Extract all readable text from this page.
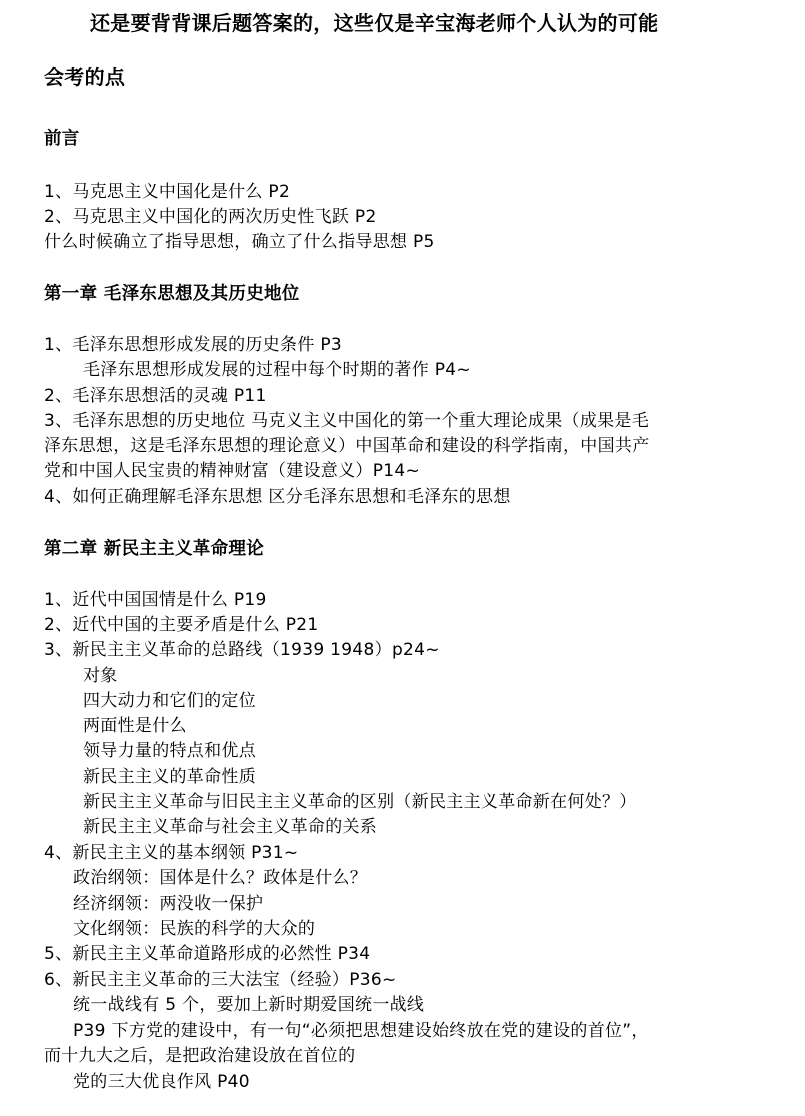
还是要背背课后题答案的，这些仅是辛宝海老师个人认为的可能
会考的点
前言
1、马克思主义中国化是什么 P2
2、马克思主义中国化的两次历史性飞跃 P2
什么时候确立了指导思想，确立了什么指导思想 P5
第一章 毛泽东思想及其历史地位
1、毛泽东思想形成发展的历史条件 P3
毛泽东思想形成发展的过程中每个时期的著作 P4~
2、毛泽东思想活的灵魂 P11
3、毛泽东思想的历史地位 马克义主义中国化的第一个重大理论成果（成果是毛
泽东思想，这是毛泽东思想的理论意义）中国革命和建设的科学指南，中国共产
党和中国人民宝贵的精神财富（建设意义）P14~
4、如何正确理解毛泽东思想 区分毛泽东思想和毛泽东的思想
第二章 新民主主义革命理论
1、近代中国国情是什么 P19
2、近代中国的主要矛盾是什么 P21
3、新民主主义革命的总路线（1939 1948）p24~
对象
四大动力和它们的定位
两面性是什么
领导力量的特点和优点
新民主主义的革命性质
新民主主义革命与旧民主主义革命的区别（新民主主义革命新在何处？）
新民主主义革命与社会主义革命的关系
4、新民主主义的基本纲领 P31~
政治纲领：国体是什么？政体是什么？
经济纲领：两没收一保护
文化纲领：民族的科学的大众的
5、新民主主义革命道路形成的必然性 P34
6、新民主主义革命的三大法宝（经验）P36~
统一战线有 5 个，要加上新时期爱国统一战线
P39 下方党的建设中，有一句“必须把思想建设始终放在党的建设的首位”，
而十九大之后，是把政治建设放在首位的
党的三大优良作风 P40
